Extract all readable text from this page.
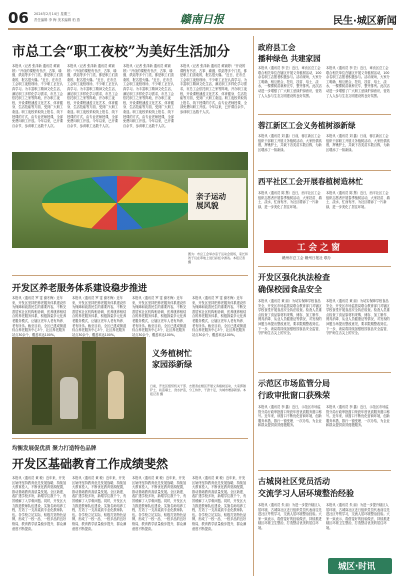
06 2024年2月14日 星期三
责任编辑 李 梅 美术编辑 柏 燕	赣南日报	民生·城区新闻
市总工会“职工夜校”为美好生活加分
本报讯（记者 张泽新 通讯员 黄颖婷）“开设的课程有书法、古筝、瑜伽、烘焙等多个门类，都是职工们喜欢的，报名很火爆。”近日，在市总工会职工夜校现场，不少职工正在认真学习。为丰富职工精神文化生活，满足职工多样化学习需求，市总工会依托职工之家等阵地，开办职工夜校，开设课程涵盖文化艺术、体育健身、生活技能等方面，受到广大职工欢迎。职工夜校采取线上报名、线下授课的方式，由专业老师授课，全部免费向职工开放。今年以来，已开课百余节，参训职工达数千人次。
本报讯（记者 张泽新 通讯员 黄颖婷）“开设的课程有书法、古筝、瑜伽、烘焙等多个门类，都是职工们喜欢的，报名很火爆。”近日，在市总工会职工夜校现场，不少职工正在认真学习。为丰富职工精神文化生活，满足职工多样化学习需求，市总工会依托职工之家等阵地，开办职工夜校，开设课程涵盖文化艺术、体育健身、生活技能等方面，受到广大职工欢迎。职工夜校采取线上报名、线下授课的方式，由专业老师授课，全部免费向职工开放。今年以来，已开课百余节，参训职工达数千人次。
本报讯（记者 张泽新 通讯员 黄颖婷）“开设的课程有书法、古筝、瑜伽、烘焙等多个门类，都是职工们喜欢的，报名很火爆。”近日，在市总工会职工夜校现场，不少职工正在认真学习。为丰富职工精神文化生活，满足职工多样化学习需求，市总工会依托职工之家等阵地，开办职工夜校，开设课程涵盖文化艺术、体育健身、生活技能等方面，受到广大职工欢迎。职工夜校采取线上报名、线下授课的方式，由专业老师授课，全部免费向职工开放。今年以来，已开课百余节，参训职工达数千人次。
本报讯（记者 张泽新 通讯员 黄颖婷）“开设的课程有书法、古筝、瑜伽、烘焙等多个门类，都是职工们喜欢的，报名很火爆。”近日，在市总工会职工夜校现场，不少职工正在认真学习。为丰富职工精神文化生活，满足职工多样化学习需求，市总工会依托职工之家等阵地，开办职工夜校，开设课程涵盖文化艺术、体育健身、生活技能等方面，受到广大职工欢迎。职工夜校采取线上报名、线下授课的方式，由专业老师授课，全部免费向职工开放。今年以来，已开课百余节，参训职工达数千人次。
亲子运动 展风貌
图为：市总工会举办亲子运动会现场，家长和孩子们在草地上进行彩虹伞游戏。本报记者 摄
开发区养老服务体系建设稳步推进
本报讯（通讯员 罗 雯 谢冬梅）近年来，开发区坚持把养老服务体系建设作为保障和改善民生的重要内容，不断完善居家社区机构相协调、医养康养相结合的养老服务体系，积极探索多元化养老服务模式，让辖区老年人老有所养、老有所乐。截至目前，全区已建成街道综合养老服务中心3个、社区养老服务站点30余个，覆盖率达100%。
本报讯（通讯员 罗 雯 谢冬梅）近年来，开发区坚持把养老服务体系建设作为保障和改善民生的重要内容，不断完善居家社区机构相协调、医养康养相结合的养老服务体系，积极探索多元化养老服务模式，让辖区老年人老有所养、老有所乐。截至目前，全区已建成街道综合养老服务中心3个、社区养老服务站点30余个，覆盖率达100%。
本报讯（通讯员 罗 雯 谢冬梅）近年来，开发区坚持把养老服务体系建设作为保障和改善民生的重要内容，不断完善居家社区机构相协调、医养康养相结合的养老服务体系，积极探索多元化养老服务模式，让辖区老年人老有所养、老有所乐。截至目前，全区已建成街道综合养老服务中心3个、社区养老服务站点30余个，覆盖率达100%。
本报讯（通讯员 罗 雯 谢冬梅）近年来，开发区坚持把养老服务体系建设作为保障和改善民生的重要内容，不断完善居家社区机构相协调、医养康养相结合的养老服务体系，积极探索多元化养老服务模式，让辖区老年人老有所养、老有所乐。截至目前，全区已建成街道综合养老服务中心3个、社区养老服务站点30余个，覆盖率达100%。
义务植树忙 家园添新绿
日前，开发区组织机关干部、志愿者在辖区开展义务植树活动，大家挥锹铲土、扶苗填土、浇水护苗，分工协作，干劲十足，为城市增添新绿。本报记者 摄
均衡发展促优质 聚力打造特色品牌
开发区基础教育工作成绩斐然
本报讯（通讯员 黄 敏）近年来，开发区始终坚持教育优先发展战略，持续加大教育投入，不断优化教育资源配置，推动基础教育高质量发展。全区新建、改扩建学校多所，新增学位数千个，有效缓解了入学难问题。同时，开发区大力推进教师队伍建设，实施名师培养工程，打造了一支高素质专业化教师队伍。各学校立足实际，积极打造特色品牌，形成了一校一品、一校多品的良好格局，教育教学质量稳步提升，群众满意度不断提高。
本报讯（通讯员 黄 敏）近年来，开发区始终坚持教育优先发展战略，持续加大教育投入，不断优化教育资源配置，推动基础教育高质量发展。全区新建、改扩建学校多所，新增学位数千个，有效缓解了入学难问题。同时，开发区大力推进教师队伍建设，实施名师培养工程，打造了一支高素质专业化教师队伍。各学校立足实际，积极打造特色品牌，形成了一校一品、一校多品的良好格局，教育教学质量稳步提升，群众满意度不断提高。
本报讯（通讯员 黄 敏）近年来，开发区始终坚持教育优先发展战略，持续加大教育投入，不断优化教育资源配置，推动基础教育高质量发展。全区新建、改扩建学校多所，新增学位数千个，有效缓解了入学难问题。同时，开发区大力推进教师队伍建设，实施名师培养工程，打造了一支高素质专业化教师队伍。各学校立足实际，积极打造特色品牌，形成了一校一品、一校多品的良好格局，教育教学质量稳步提升，群众满意度不断提高。
本报讯（通讯员 黄 敏）近年来，开发区始终坚持教育优先发展战略，持续加大教育投入，不断优化教育资源配置，推动基础教育高质量发展。全区新建、改扩建学校多所，新增学位数千个，有效缓解了入学难问题。同时，开发区大力推进教师队伍建设，实施名师培养工程，打造了一支高素质专业化教师队伍。各学校立足实际，积极打造特色品牌，形成了一校一品、一校多品的良好格局，教育教学质量稳步提升，群众满意度不断提高。
政府县工会
播种绿色 共建家园
本报讯（通讯员 李 芸）近日，章贡区总工会联合相关单位在辖区开展义务植树活动，100余名职工志愿者积极参与。活动现场，大家分工明确、相互配合，挖坑、扶苗、培土、浇水，一棵棵树苗栽种完毕，整齐排列。此次活动进一步增强了广大职工爱绿护绿意识，营造了人人参与生态文明建设的良好氛围。
本报讯（通讯员 李 芸）近日，章贡区总工会联合相关单位在辖区开展义务植树活动，100余名职工志愿者积极参与。活动现场，大家分工明确、相互配合，挖坑、扶苗、培土、浇水，一棵棵树苗栽种完毕，整齐排列。此次活动进一步增强了广大职工爱绿护绿意识，营造了人人参与生态文明建设的良好氛围。
蓉江新区工会义务植树添新绿
本报讯（通讯员 刘 鑫）日前，蓉江新区工会组织干部职工开展义务植树活动，大家热情高涨，挥锹铲土，共栽下各类苗木数百株，为新区增添了一抹新绿。
本报讯（通讯员 刘 鑫）日前，蓉江新区工会组织干部职工开展义务植树活动，大家热情高涨，挥锹铲土，共栽下各类苗木数百株，为新区增添了一抹新绿。
西平社区工会开展春植树造林忙
本报讯（通讯员 陈 慧）近日，西平社区工会组织志愿者开展春季植树活动，大家扶苗、填土、浇水，忙而有序，为社区增添了一片新绿，进一步美化了居住环境。
本报讯（通讯员 陈 慧）近日，西平社区工会组织志愿者开展春季植树活动，大家扶苗、填土、浇水，忙而有序，为社区增添了一片新绿，进一步美化了居住环境。
工 会 之 窗
赣州市总工会 赣州日报社 联办
开发区强化执法检查
确保校园食品安全
本报讯（通讯员 黄 丽）为切实保障学校食品安全，开发区市场监管局联合教育部门对辖区学校食堂开展食品安全执法检查。检查人员重点检查了食品原材料采购、储存、加工制作、餐具消毒、从业人员健康证等情况，对发现的问题当场提出整改意见，要求限期整改到位。下一步，该局将持续加强校园食品安全监管，守护师生舌尖上的安全。
本报讯（通讯员 黄 丽）为切实保障学校食品安全，开发区市场监管局联合教育部门对辖区学校食堂开展食品安全执法检查。检查人员重点检查了食品原材料采购、储存、加工制作、餐具消毒、从业人员健康证等情况，对发现的问题当场提出整改意见，要求限期整改到位。下一步，该局将持续加强校园食品安全监管，守护师生舌尖上的安全。
示范区市场监管分局
行政审批窗口获殊荣
本报讯（通讯员 李 鑫）近日，示范区市场监管分局行政审批窗口荣获年度优质服务窗口称号。近年来，该窗口不断优化营商环境，创新服务举措，推行一窗受理、一次办结，为企业和群众提供高效便捷服务。
本报讯（通讯员 李 鑫）近日，示范区市场监管分局行政审批窗口荣获年度优质服务窗口称号。近年来，该窗口不断优化营商环境，创新服务举措，推行一窗受理、一次办结，为企业和群众提供高效便捷服务。
古城岗社区党员活动
交流学习人居环境整治经验
本报讯（通讯员 朱 丽）为进一步提升辖区人居环境，古城岗社区近日组织党员代表前往先进社区考察学习，交流人居环境整治经验。大家一致表示，将借鉴好的经验做法，持续推进辖区环境卫生整治，打造整洁优美的居住环境。
本报讯（通讯员 朱 丽）为进一步提升辖区人居环境，古城岗社区近日组织党员代表前往先进社区考察学习，交流人居环境整治经验。大家一致表示，将借鉴好的经验做法，持续推进辖区环境卫生整治，打造整洁优美的居住环境。
城区·时讯
